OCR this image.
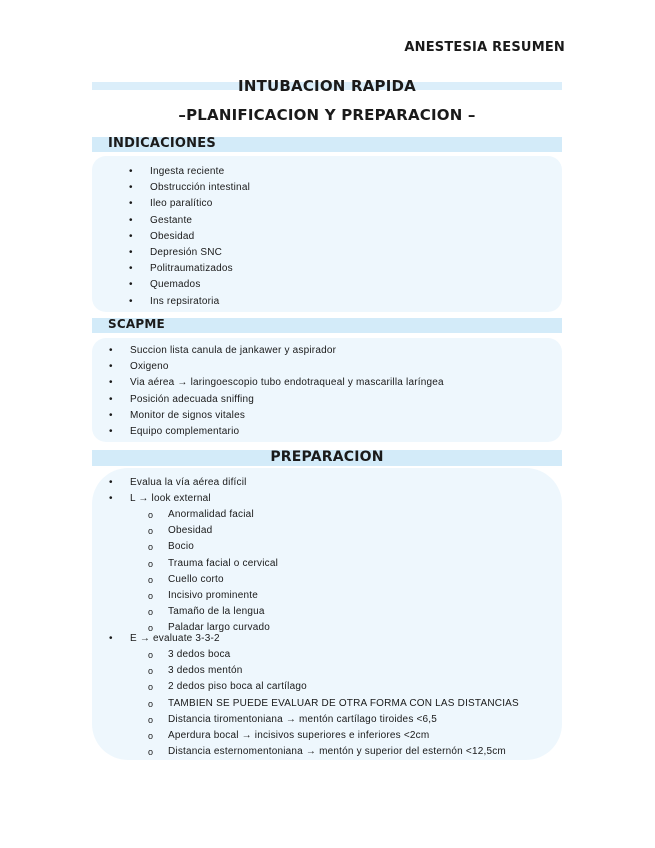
ANESTESIA RESUMEN
INTUBACION RAPIDA
–PLANIFICACION Y PREPARACION –
INDICACIONES
• Ingesta reciente
• Obstrucción intestinal
• Ileo paralítico
• Gestante
• Obesidad
• Depresión SNC
• Politraumatizados
• Quemados
• Ins repsiratoria
SCAPME
• Succion lista canula de jankawer y aspirador
• Oxigeno
• Via aérea → laringoescopio tubo endotraqueal y mascarilla laríngea
• Posición adecuada sniffing
• Monitor de signos vitales
• Equipo complementario
PREPARACION
• Evalua la vía aérea difícil
• L → look external
o Anormalidad facial
o Obesidad
o Bocio
o Trauma facial o cervical
o Cuello corto
o Incisivo prominente
o Tamaño de la lengua
o Paladar largo curvado
• E → evaluate 3-3-2
o 3 dedos boca
o 3 dedos mentón
o 2 dedos piso boca al cartílago
o TAMBIEN SE PUEDE EVALUAR DE OTRA FORMA CON LAS DISTANCIAS
o Distancia tiromentoniana → mentón cartílago tiroides <6,5
o Aperdura bocal → incisivos superiores e inferiores <2cm
o Distancia esternomentoniana → mentón y superior del esternón <12,5cm
